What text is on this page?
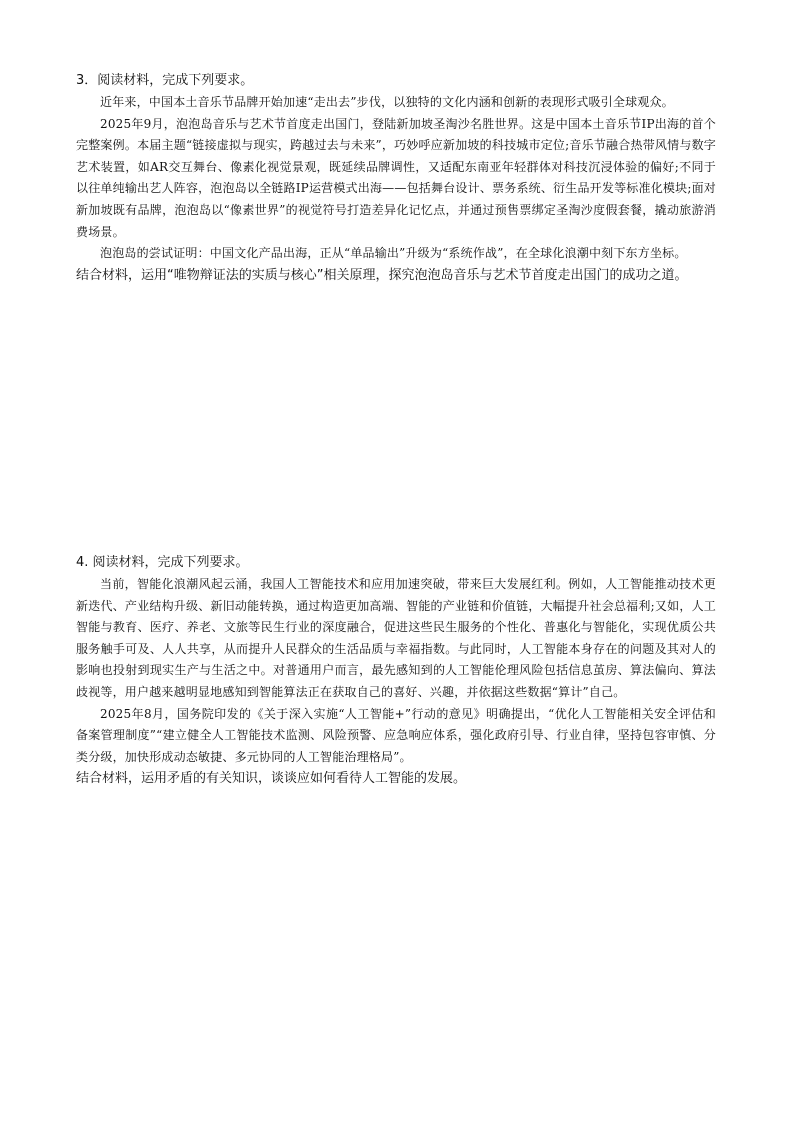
3．阅读材料，完成下列要求。

近年来，中国本土音乐节品牌开始加速“走出去”步伐，以独特的文化内涵和创新的表现形式吸引全球观众。

2025年9月，泡泡岛音乐与艺术节首度走出国门，登陆新加坡圣淘沙名胜世界。这是中国本土音乐节IP出海的首个完整案例。本届主题“链接虚拟与现实，跨越过去与未来”，巧妙呼应新加坡的科技城市定位;音乐节融合热带风情与数字艺术装置，如AR交互舞台、像素化视觉景观，既延续品牌调性，又适配东南亚年轻群体对科技沉浸体验的偏好;不同于以往单纯输出艺人阵容，泡泡岛以全链路IP运营模式出海——包括舞台设计、票务系统、衍生品开发等标准化模块;面对新加坡既有品牌，泡泡岛以“像素世界”的视觉符号打造差异化记忆点，并通过预售票绑定圣淘沙度假套餐，撬动旅游消费场景。

泡泡岛的尝试证明：中国文化产品出海，正从“单品输出”升级为“系统作战”，在全球化浪潮中刻下东方坐标。

结合材料，运用“唯物辩证法的实质与核心”相关原理，探究泡泡岛音乐与艺术节首度走出国门的成功之道。

4. 阅读材料，完成下列要求。

当前，智能化浪潮风起云涌，我国人工智能技术和应用加速突破，带来巨大发展红利。例如，人工智能推动技术更新迭代、产业结构升级、新旧动能转换，通过构造更加高端、智能的产业链和价值链，大幅提升社会总福利;又如，人工智能与教育、医疗、养老、文旅等民生行业的深度融合，促进这些民生服务的个性化、普惠化与智能化，实现优质公共服务触手可及、人人共享，从而提升人民群众的生活品质与幸福指数。与此同时，人工智能本身存在的问题及其对人的影响也投射到现实生产与生活之中。对普通用户而言，最先感知到的人工智能伦理风险包括信息茧房、算法偏向、算法歧视等，用户越来越明显地感知到智能算法正在获取自己的喜好、兴趣，并依据这些数据“算计”自己。

2025年8月，国务院印发的《关于深入实施“人工智能+”行动的意见》明确提出，“优化人工智能相关安全评估和备案管理制度”“建立健全人工智能技术监测、风险预警、应急响应体系，强化政府引导、行业自律，坚持包容审慎、分类分级，加快形成动态敏捷、多元协同的人工智能治理格局”。

结合材料，运用矛盾的有关知识，谈谈应如何看待人工智能的发展。
